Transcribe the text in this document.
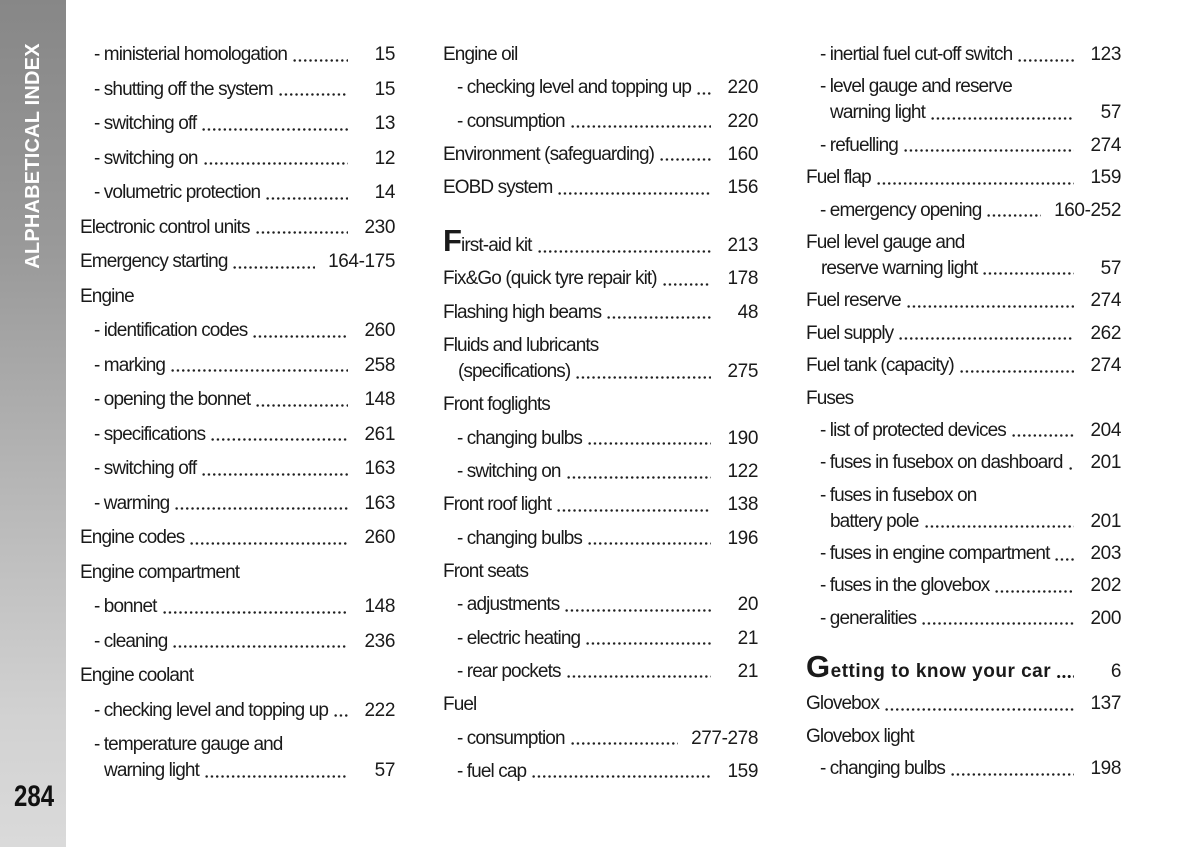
ALPHABETICAL INDEX
284
- ministerial homologation	15
- shutting off the system	15
- switching off	13
- switching on	12
- volumetric protection	14
Electronic control units	230
Emergency starting	164-175
Engine
- identification codes	260
- marking	258
- opening the bonnet	148
- specifications	261
- switching off	163
- warming	163
Engine codes	260
Engine compartment
- bonnet	148
- cleaning	236
Engine coolant
- checking level and topping up 222
- temperature gauge and
warning light	57
Engine oil
- checking level and topping up 220
- consumption	220
Environment (safeguarding)	160
EOBD system	156
First-aid kit	213
Fix&Go (quick tyre repair kit)	178
Flashing high beams	48
Fluids and lubricants
(specifications)	275
Front foglights
- changing bulbs	190
- switching on	122
Front roof light	138
- changing bulbs	196
Front seats
- adjustments	20
- electric heating	21
- rear pockets	21
Fuel
- consumption	277-278
- fuel cap	159
- inertial fuel cut-off switch	123
- level gauge and reserve
warning light	57
- refuelling	274
Fuel flap	159
- emergency opening	160-252
Fuel level gauge and
reserve warning light	57
Fuel reserve	274
Fuel supply	262
Fuel tank (capacity)	274
Fuses
- list of protected devices	204
- fuses in fusebox on dashboard 201
- fuses in fusebox on
battery pole	201
- fuses in engine compartment 203
- fuses in the glovebox	202
- generalities	200
Getting to know your car	6
Glovebox	137
Glovebox light
- changing bulbs	198
